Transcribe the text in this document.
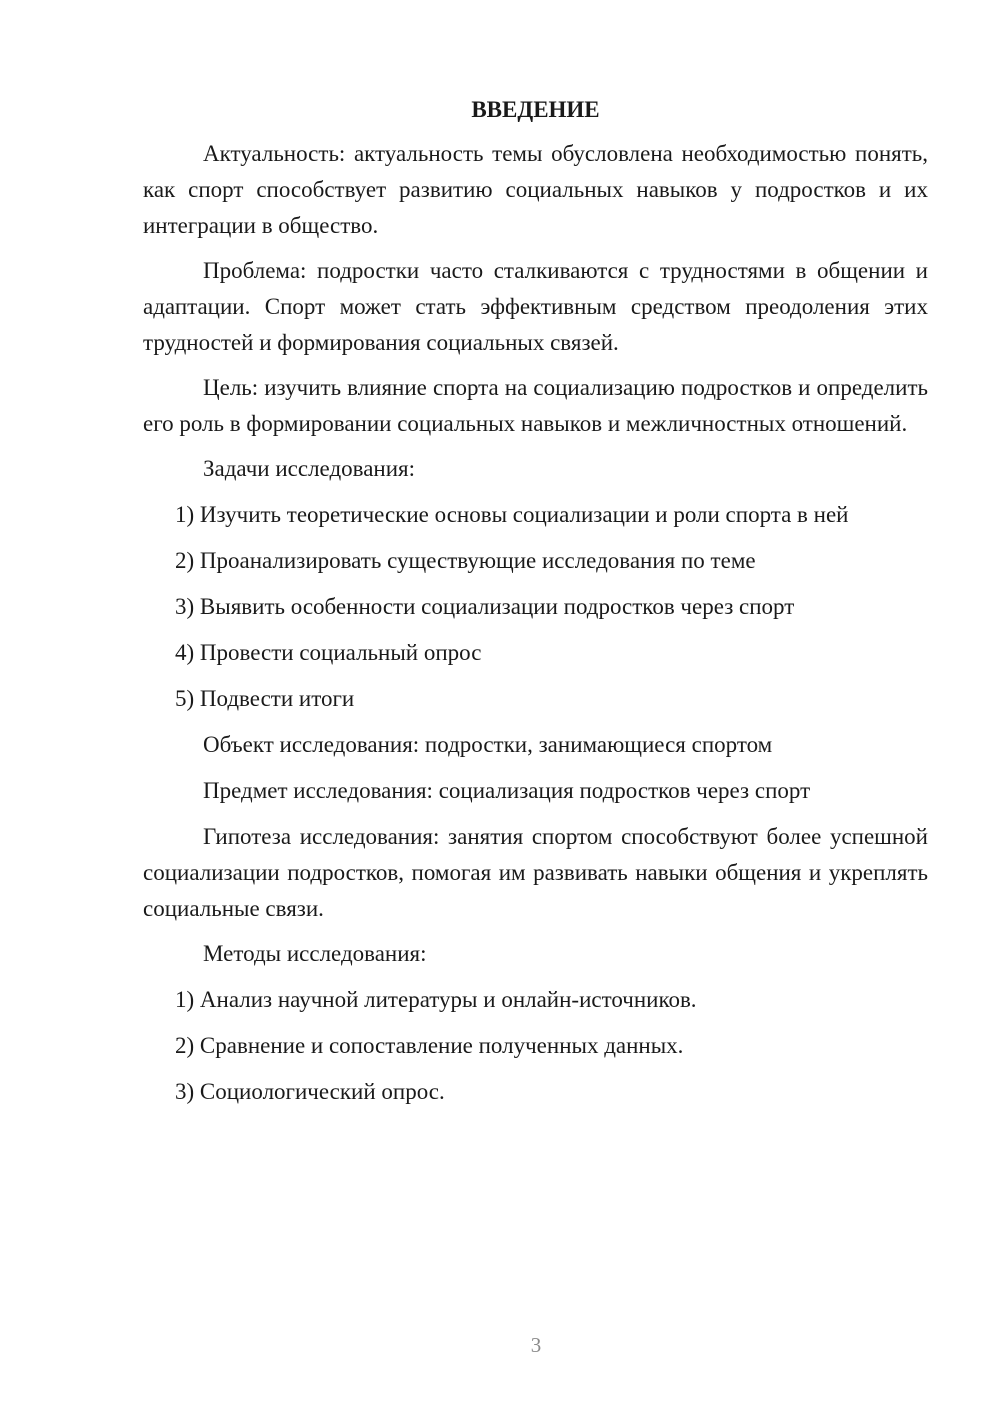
ВВЕДЕНИЕ

Актуальность: актуальность темы обусловлена необходимостью понять, как спорт способствует развитию социальных навыков у подростков и их интеграции в общество.

Проблема: подростки часто сталкиваются с трудностями в общении и адаптации. Спорт может стать эффективным средством преодоления этих трудностей и формирования социальных связей.

Цель: изучить влияние спорта на социализацию подростков и определить его роль в формировании социальных навыков и межличностных отношений.

Задачи исследования:
1) Изучить теоретические основы социализации и роли спорта в ней
2) Проанализировать существующие исследования по теме
3) Выявить особенности социализации подростков через спорт
4) Провести социальный опрос
5) Подвести итоги
Объект исследования: подростки, занимающиеся спортом
Предмет исследования: социализация подростков через спорт

Гипотеза исследования: занятия спортом способствуют более успешной социализации подростков, помогая им развивать навыки общения и укреплять социальные связи.

Методы исследования:
1) Анализ научной литературы и онлайн-источников.
2) Сравнение и сопоставление полученных данных.
3) Социологический опрос.
3
